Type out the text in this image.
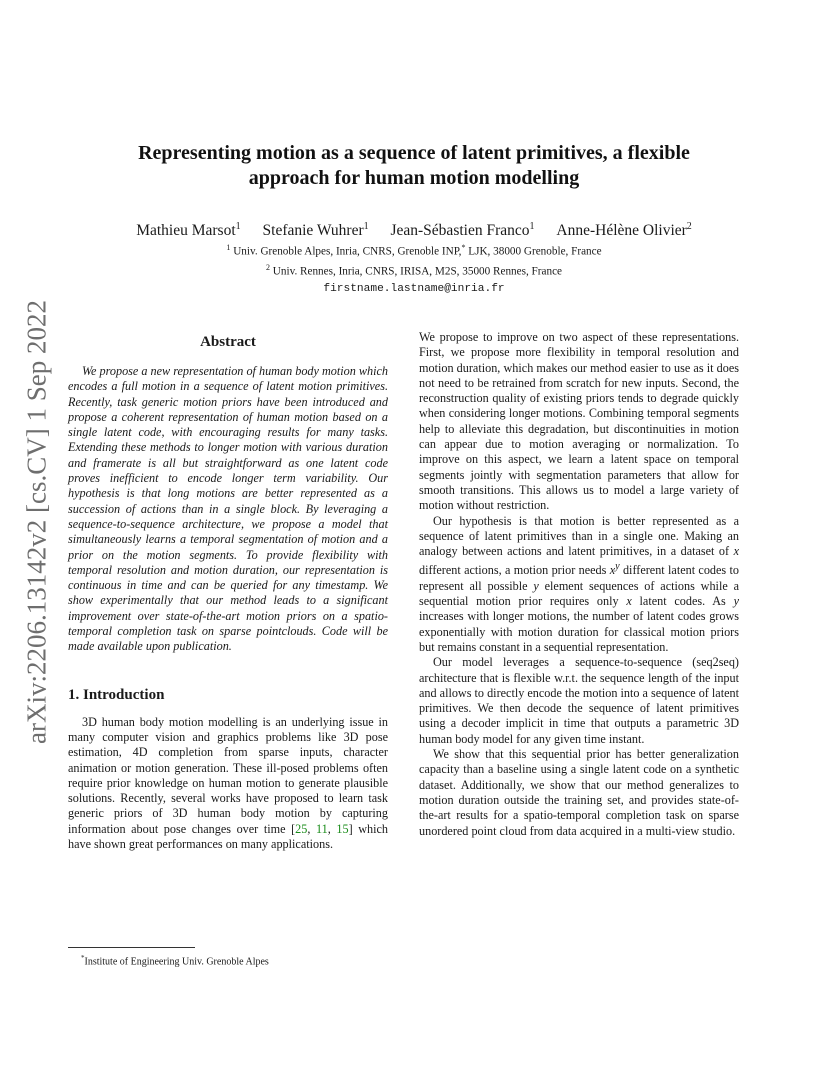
arXiv:2206.13142v2 [cs.CV] 1 Sep 2022
Representing motion as a sequence of latent primitives, a flexible
approach for human motion modelling
Mathieu Marsot$^1$ Stefanie Wuhrer$^1$ Jean-Sébastien Franco$^1$ Anne-Hélène Olivier$^2$
$^1$ Univ. Grenoble Alpes, Inria, CNRS, Grenoble INP,* LJK, 38000 Grenoble, France
$^2$ Univ. Rennes, Inria, CNRS, IRISA, M2S, 35000 Rennes, France
firstname.lastname@inria.fr
Abstract

We propose a new representation of human body motion which encodes a full motion in a sequence of latent motion primitives. Recently, task generic motion priors have been introduced and propose a coherent representation of human motion based on a single latent code, with encouraging results for many tasks. Extending these methods to longer motion with various duration and framerate is all but straightforward as one latent code proves inefficient to encode longer term variability. Our hypothesis is that long motions are better represented as a succession of actions than in a single block. By leveraging a sequence-to-sequence architecture, we propose a model that simultaneously learns a temporal segmentation of motion and a prior on the motion segments. To provide flexibility with temporal resolution and motion duration, our representation is continuous in time and can be queried for any timestamp. We show experimentally that our method leads to a significant improvement over state-of-the-art motion priors on a spatio-temporal completion task on sparse pointclouds. Code will be made available upon publication.

1. Introduction

3D human body motion modelling is an underlying issue in many computer vision and graphics problems like 3D pose estimation, 4D completion from sparse inputs, character animation or motion generation. These ill-posed problems often require prior knowledge on human motion to generate plausible solutions. Recently, several works have proposed to learn task generic priors of 3D human body motion by capturing information about pose changes over time [25, 11, 15] which have shown great performances on many applications.

We propose to improve on two aspect of these representations. First, we propose more flexibility in temporal resolution and motion duration, which makes our method easier to use as it does not need to be retrained from scratch for new inputs. Second, the reconstruction quality of existing priors tends to degrade quickly when considering longer motions. Combining temporal segments help to alleviate this degradation, but discontinuities in motion can appear due to motion averaging or normalization. To improve on this aspect, we learn a latent space on temporal segments jointly with segmentation parameters that allow for smooth transitions. This allows us to model a large variety of motion without restriction.

Our hypothesis is that motion is better represented as a sequence of latent primitives than in a single one. Making an analogy between actions and latent primitives, in a dataset of x different actions, a motion prior needs $x^y$ different latent codes to represent all possible y element sequences of actions while a sequential motion prior requires only x latent codes. As y increases with longer motions, the number of latent codes grows exponentially with motion duration for classical motion priors but remains constant in a sequential representation.

Our model leverages a sequence-to-sequence (seq2seq) architecture that is flexible w.r.t. the sequence length of the input and allows to directly encode the motion into a sequence of latent primitives. We then decode the sequence of latent primitives using a decoder implicit in time that outputs a parametric 3D human body model for any given time instant.

We show that this sequential prior has better generalization capacity than a baseline using a single latent code on a synthetic dataset. Additionally, we show that our method generalizes to motion duration outside the training set, and provides state-of-the-art results for a spatio-temporal completion task on sparse unordered point cloud from data acquired in a multi-view studio.

*Institute of Engineering Univ. Grenoble Alpes
